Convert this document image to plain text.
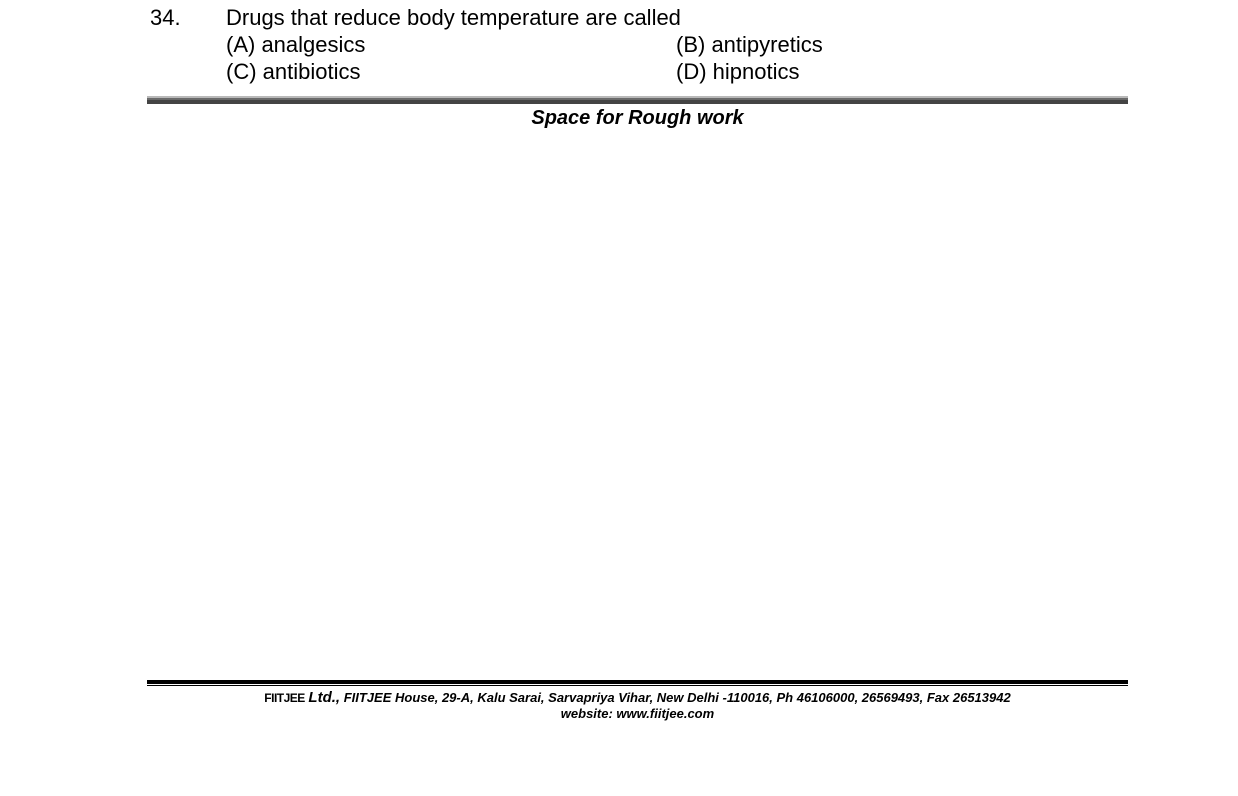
34. Drugs that reduce body temperature are called
(A) analgesics	(B) antipyretics
(C) antibiotics	(D) hipnotics
Space for Rough work
FIITJEE Ltd., FIITJEE House, 29-A, Kalu Sarai, Sarvapriya Vihar, New Delhi -110016, Ph 46106000, 26569493, Fax 26513942
website: www.fiitjee.com
